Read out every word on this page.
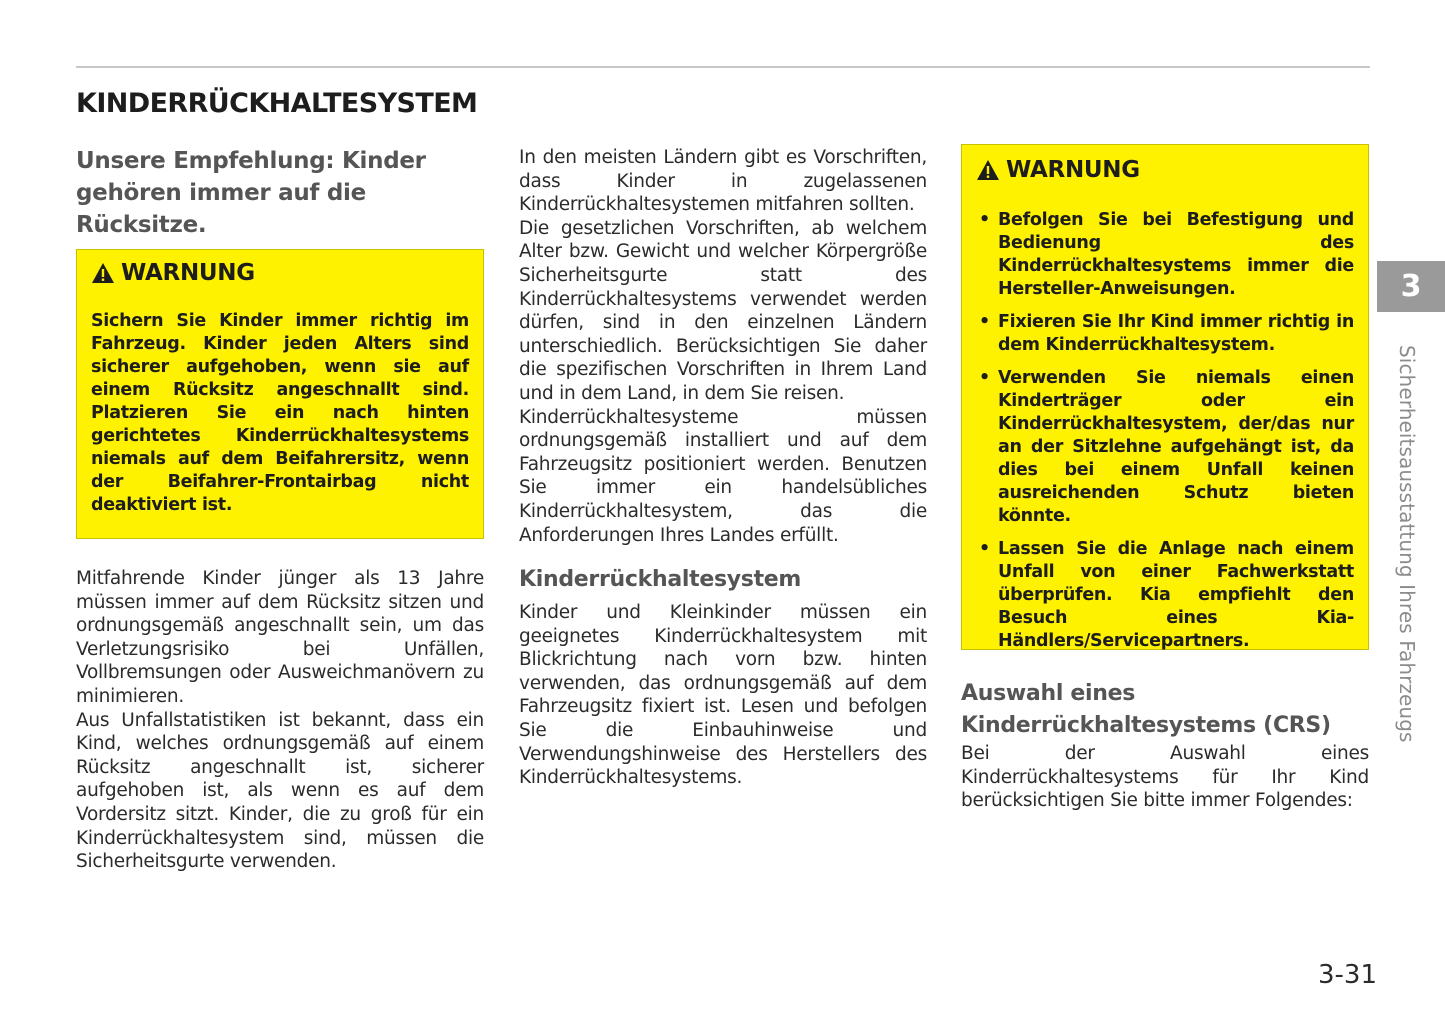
KINDERRÜCKHALTESYSTEM
Unsere Empfehlung: Kinder gehören immer auf die Rücksitze.
WARNUNG

Sichern Sie Kinder immer richtig im Fahrzeug. Kinder jeden Alters sind sicherer aufgehoben, wenn sie auf einem Rücksitz angeschnallt sind. Platzieren Sie ein nach hinten gerichtetes Kinderrückhaltesystems niemals auf dem Beifahrersitz, wenn der Beifahrer-Frontairbag nicht deaktiviert ist.

Mitfahrende Kinder jünger als 13 Jahre müssen immer auf dem Rücksitz sitzen und ordnungsgemäß angeschnallt sein, um das Verletzungsrisiko bei Unfällen, Vollbremsungen oder Ausweichmanövern zu minimieren.

Aus Unfallstatistiken ist bekannt, dass ein Kind, welches ordnungsgemäß auf einem Rücksitz angeschnallt ist, sicherer aufgehoben ist, als wenn es auf dem Vordersitz sitzt. Kinder, die zu groß für ein Kinderrückhaltesystem sind, müssen die Sicherheitsgurte verwenden.

In den meisten Ländern gibt es Vorschriften, dass Kinder in zugelassenen Kinderrückhaltesystemen mitfahren sollten.

Die gesetzlichen Vorschriften, ab welchem Alter bzw. Gewicht und welcher Körpergröße Sicherheitsgurte statt des Kinderrückhaltesystems verwendet werden dürfen, sind in den einzelnen Ländern unterschiedlich. Berücksichtigen Sie daher die spezifischen Vorschriften in Ihrem Land und in dem Land, in dem Sie reisen.

Kinderrückhaltesysteme müssen ordnungsgemäß installiert und auf dem Fahrzeugsitz positioniert werden. Benutzen Sie immer ein handelsübliches Kinderrückhaltesystem, das die Anforderungen Ihres Landes erfüllt.

Kinderrückhaltesystem

Kinder und Kleinkinder müssen ein geeignetes Kinderrückhaltesystem mit Blickrichtung nach vorn bzw. hinten verwenden, das ordnungsgemäß auf dem Fahrzeugsitz fixiert ist. Lesen und befolgen Sie die Einbauhinweise und Verwendungshinweise des Herstellers des Kinderrückhaltesystems.

WARNUNG
• Befolgen Sie bei Befestigung und Bedienung des Kinderrückhaltesystems immer die Hersteller-Anweisungen.
• Fixieren Sie Ihr Kind immer richtig in dem Kinderrückhaltesystem.
• Verwenden Sie niemals einen Kinderträger oder ein Kinderrückhaltesystem, der/das nur an der Sitzlehne aufgehängt ist, da dies bei einem Unfall keinen ausreichenden Schutz bieten könnte.
• Lassen Sie die Anlage nach einem Unfall von einer Fachwerkstatt überprüfen. Kia empfiehlt den Besuch eines Kia-Händlers/Servicepartners.
Auswahl eines Kinderrückhaltesystems (CRS)

Bei der Auswahl eines Kinderrückhaltesystems für Ihr Kind berücksichtigen Sie bitte immer Folgendes:

3
Sicherheitsausstattung Ihres Fahrzeugs
3-31
